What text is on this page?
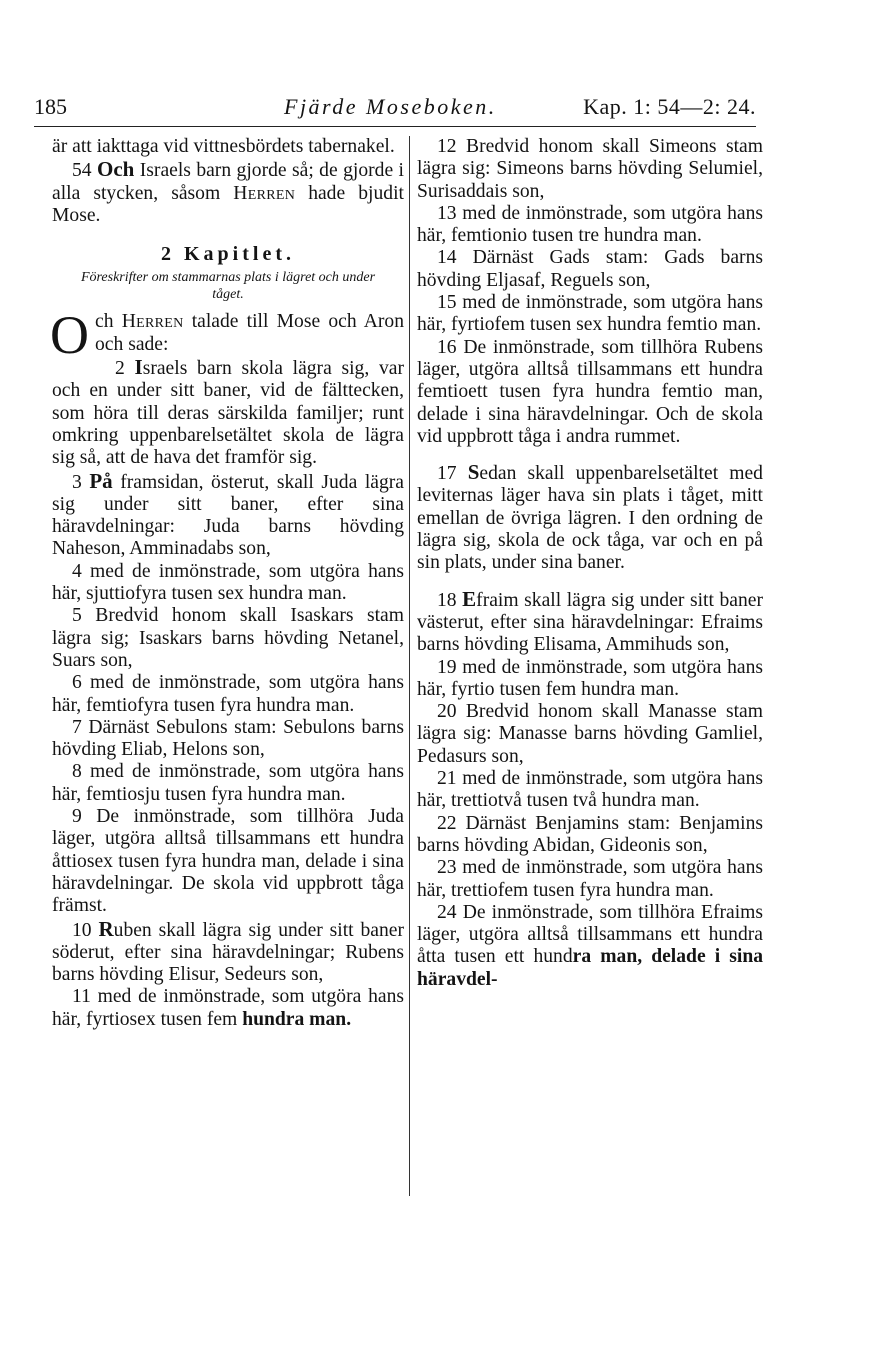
185	Fjärde Moseboken.	Kap. 1: 54—2: 24.

är att iakttaga vid vittnesbördets tabernakel.

54 Och Israels barn gjorde så; de gjorde i alla stycken, såsom Herren hade bjudit Mose.

2 Kapitlet.
Föreskrifter om stammarnas plats i lägret och under tåget.

Och Herren talade till Mose och Aron och sade:

2 Israels barn skola lägra sig, var och en under sitt baner, vid de fälttecken, som höra till deras särskilda familjer; runt omkring uppenbarelsetältet skola de lägra sig så, att de hava det framför sig.

3 På framsidan, österut, skall Juda lägra sig under sitt baner, efter sina häravdelningar: Juda barns hövding Naheson, Amminadabs son,

4 med de inmönstrade, som utgöra hans här, sjuttiofyra tusen sex hundra man.

5 Bredvid honom skall Isaskars stam lägra sig; Isaskars barns hövding Netanel, Suars son,

6 med de inmönstrade, som utgöra hans här, femtiofyra tusen fyra hundra man.

7 Därnäst Sebulons stam: Sebulons barns hövding Eliab, Helons son,

8 med de inmönstrade, som utgöra hans här, femtiosju tusen fyra hundra man.

9 De inmönstrade, som tillhöra Juda läger, utgöra alltså tillsammans ett hundra åttiosex tusen fyra hundra man, delade i sina häravdelningar. De skola vid uppbrott tåga främst.

10 Ruben skall lägra sig under sitt baner söderut, efter sina häravdelningar; Rubens barns hövding Elisur, Sedeurs son,

11 med de inmönstrade, som utgöra hans här, fyrtiosex tusen fem hundra man.

12 Bredvid honom skall Simeons stam lägra sig: Simeons barns hövding Selumiel, Surisaddais son,

13 med de inmönstrade, som utgöra hans här, femtionio tusen tre hundra man.

14 Därnäst Gads stam: Gads barns hövding Eljasaf, Reguels son,

15 med de inmönstrade, som utgöra hans här, fyrtiofem tusen sex hundra femtio man.

16 De inmönstrade, som tillhöra Rubens läger, utgöra alltså tillsammans ett hundra femtioett tusen fyra hundra femtio man, delade i sina häravdelningar. Och de skola vid uppbrott tåga i andra rummet.

17 Sedan skall uppenbarelsetältet med leviternas läger hava sin plats i tåget, mitt emellan de övriga lägren. I den ordning de lägra sig, skola de ock tåga, var och en på sin plats, under sina baner.

18 Efraim skall lägra sig under sitt baner västerut, efter sina häravdelningar: Efraims barns hövding Elisama, Ammihuds son,

19 med de inmönstrade, som utgöra hans här, fyrtio tusen fem hundra man.

20 Bredvid honom skall Manasse stam lägra sig: Manasse barns hövding Gamliel, Pedasurs son,

21 med de inmönstrade, som utgöra hans här, trettiotvå tusen två hundra man.

22 Därnäst Benjamins stam: Benjamins barns hövding Abidan, Gideonis son,

23 med de inmönstrade, som utgöra hans här, trettiofem tusen fyra hundra man.

24 De inmönstrade, som tillhöra Efraims läger, utgöra alltså tillsammans ett hundra åtta tusen ett hundra man, delade i sina häravdel-
